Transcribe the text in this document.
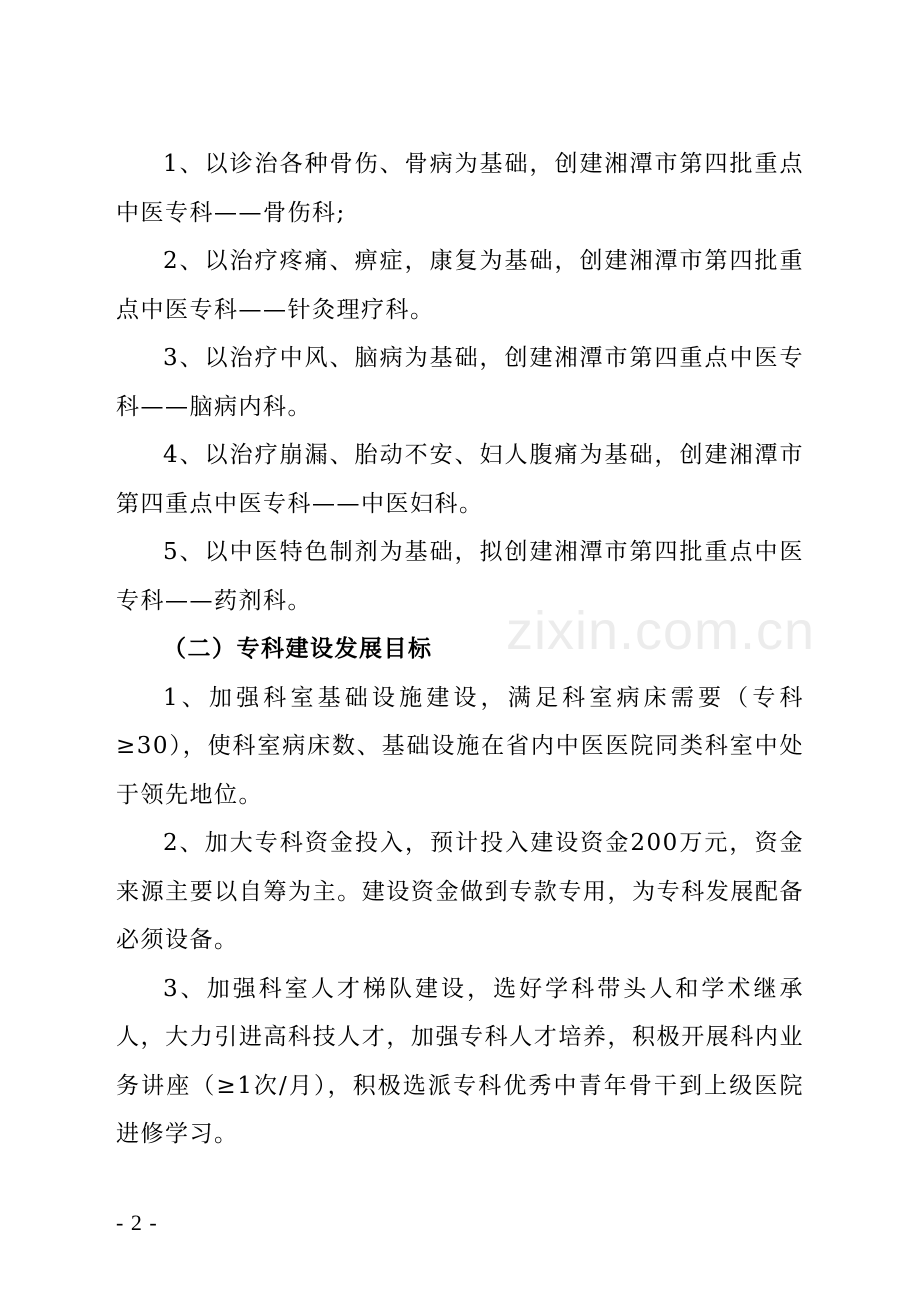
1、以诊治各种骨伤、骨病为基础，创建湘潭市第四批重点中医专科——骨伤科;

2、以治疗疼痛、痹症，康复为基础，创建湘潭市第四批重点中医专科——针灸理疗科。

3、以治疗中风、脑病为基础，创建湘潭市第四重点中医专科——脑病内科。

4、以治疗崩漏、胎动不安、妇人腹痛为基础，创建湘潭市第四重点中医专科——中医妇科。

5、以中医特色制剂为基础，拟创建湘潭市第四批重点中医专科——药剂科。

（二）专科建设发展目标

1、加强科室基础设施建设，满足科室病床需要（专科≥30），使科室病床数、基础设施在省内中医医院同类科室中处于领先地位。

2、加大专科资金投入，预计投入建设资金200万元，资金来源主要以自筹为主。建设资金做到专款专用，为专科发展配备必须设备。

3、加强科室人才梯队建设，选好学科带头人和学术继承人，大力引进高科技人才，加强专科人才培养，积极开展科内业务讲座（≥1次/月），积极选派专科优秀中青年骨干到上级医院进修学习。

zixin.com.cn
- 2 -
